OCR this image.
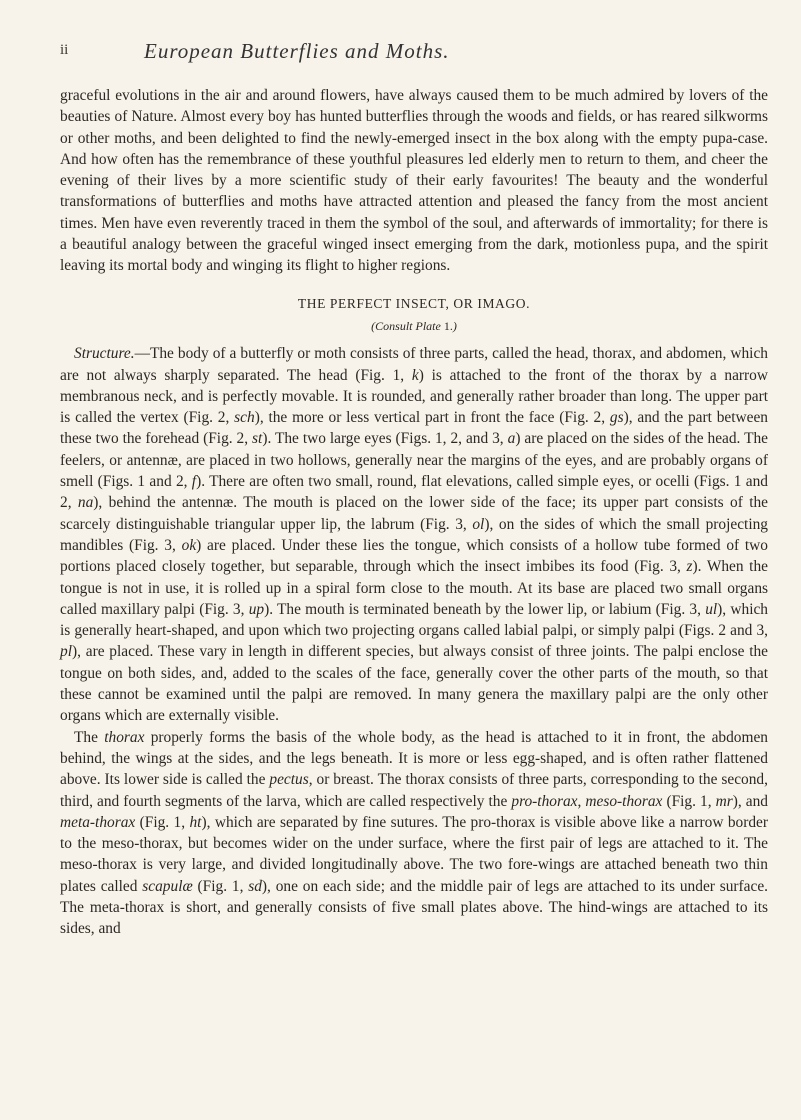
ii	European Butterflies and Moths.

graceful evolutions in the air and around flowers, have always caused them to be much admired by lovers of the beauties of Nature. Almost every boy has hunted butterflies through the woods and fields, or has reared silkworms or other moths, and been delighted to find the newly-emerged insect in the box along with the empty pupa-case. And how often has the remembrance of these youthful pleasures led elderly men to return to them, and cheer the evening of their lives by a more scientific study of their early favourites! The beauty and the wonderful transformations of butterflies and moths have attracted attention and pleased the fancy from the most ancient times. Men have even reverently traced in them the symbol of the soul, and afterwards of immortality; for there is a beautiful analogy between the graceful winged insect emerging from the dark, motionless pupa, and the spirit leaving its mortal body and winging its flight to higher regions.

THE PERFECT INSECT, OR IMAGO.
(Consult Plate 1.)

Structure.—The body of a butterfly or moth consists of three parts, called the head, thorax, and abdomen, which are not always sharply separated. The head (Fig. 1, k) is attached to the front of the thorax by a narrow membranous neck, and is perfectly movable. It is rounded, and generally rather broader than long. The upper part is called the vertex (Fig. 2, sch), the more or less vertical part in front the face (Fig. 2, gs), and the part between these two the forehead (Fig. 2, st). The two large eyes (Figs. 1, 2, and 3, a) are placed on the sides of the head. The feelers, or antennæ, are placed in two hollows, generally near the margins of the eyes, and are probably organs of smell (Figs. 1 and 2, f). There are often two small, round, flat elevations, called simple eyes, or ocelli (Figs. 1 and 2, na), behind the antennæ. The mouth is placed on the lower side of the face; its upper part consists of the scarcely distinguishable triangular upper lip, the labrum (Fig. 3, ol), on the sides of which the small projecting mandibles (Fig. 3, ok) are placed. Under these lies the tongue, which consists of a hollow tube formed of two portions placed closely together, but separable, through which the insect imbibes its food (Fig. 3, z). When the tongue is not in use, it is rolled up in a spiral form close to the mouth. At its base are placed two small organs called maxillary palpi (Fig. 3, up). The mouth is terminated beneath by the lower lip, or labium (Fig. 3, ul), which is generally heart-shaped, and upon which two projecting organs called labial palpi, or simply palpi (Figs. 2 and 3, pl), are placed. These vary in length in different species, but always consist of three joints. The palpi enclose the tongue on both sides, and, added to the scales of the face, generally cover the other parts of the mouth, so that these cannot be examined until the palpi are removed. In many genera the maxillary palpi are the only other organs which are externally visible.

The thorax properly forms the basis of the whole body, as the head is attached to it in front, the abdomen behind, the wings at the sides, and the legs beneath. It is more or less egg-shaped, and is often rather flattened above. Its lower side is called the pectus, or breast. The thorax consists of three parts, corresponding to the second, third, and fourth segments of the larva, which are called respectively the pro-thorax, meso-thorax (Fig. 1, mr), and meta-thorax (Fig. 1, ht), which are separated by fine sutures. The pro-thorax is visible above like a narrow border to the meso-thorax, but becomes wider on the under surface, where the first pair of legs are attached to it. The meso-thorax is very large, and divided longitudinally above. The two fore-wings are attached beneath two thin plates called scapulæ (Fig. 1, sd), one on each side; and the middle pair of legs are attached to its under surface. The meta-thorax is short, and generally consists of five small plates above. The hind-wings are attached to its sides, and
